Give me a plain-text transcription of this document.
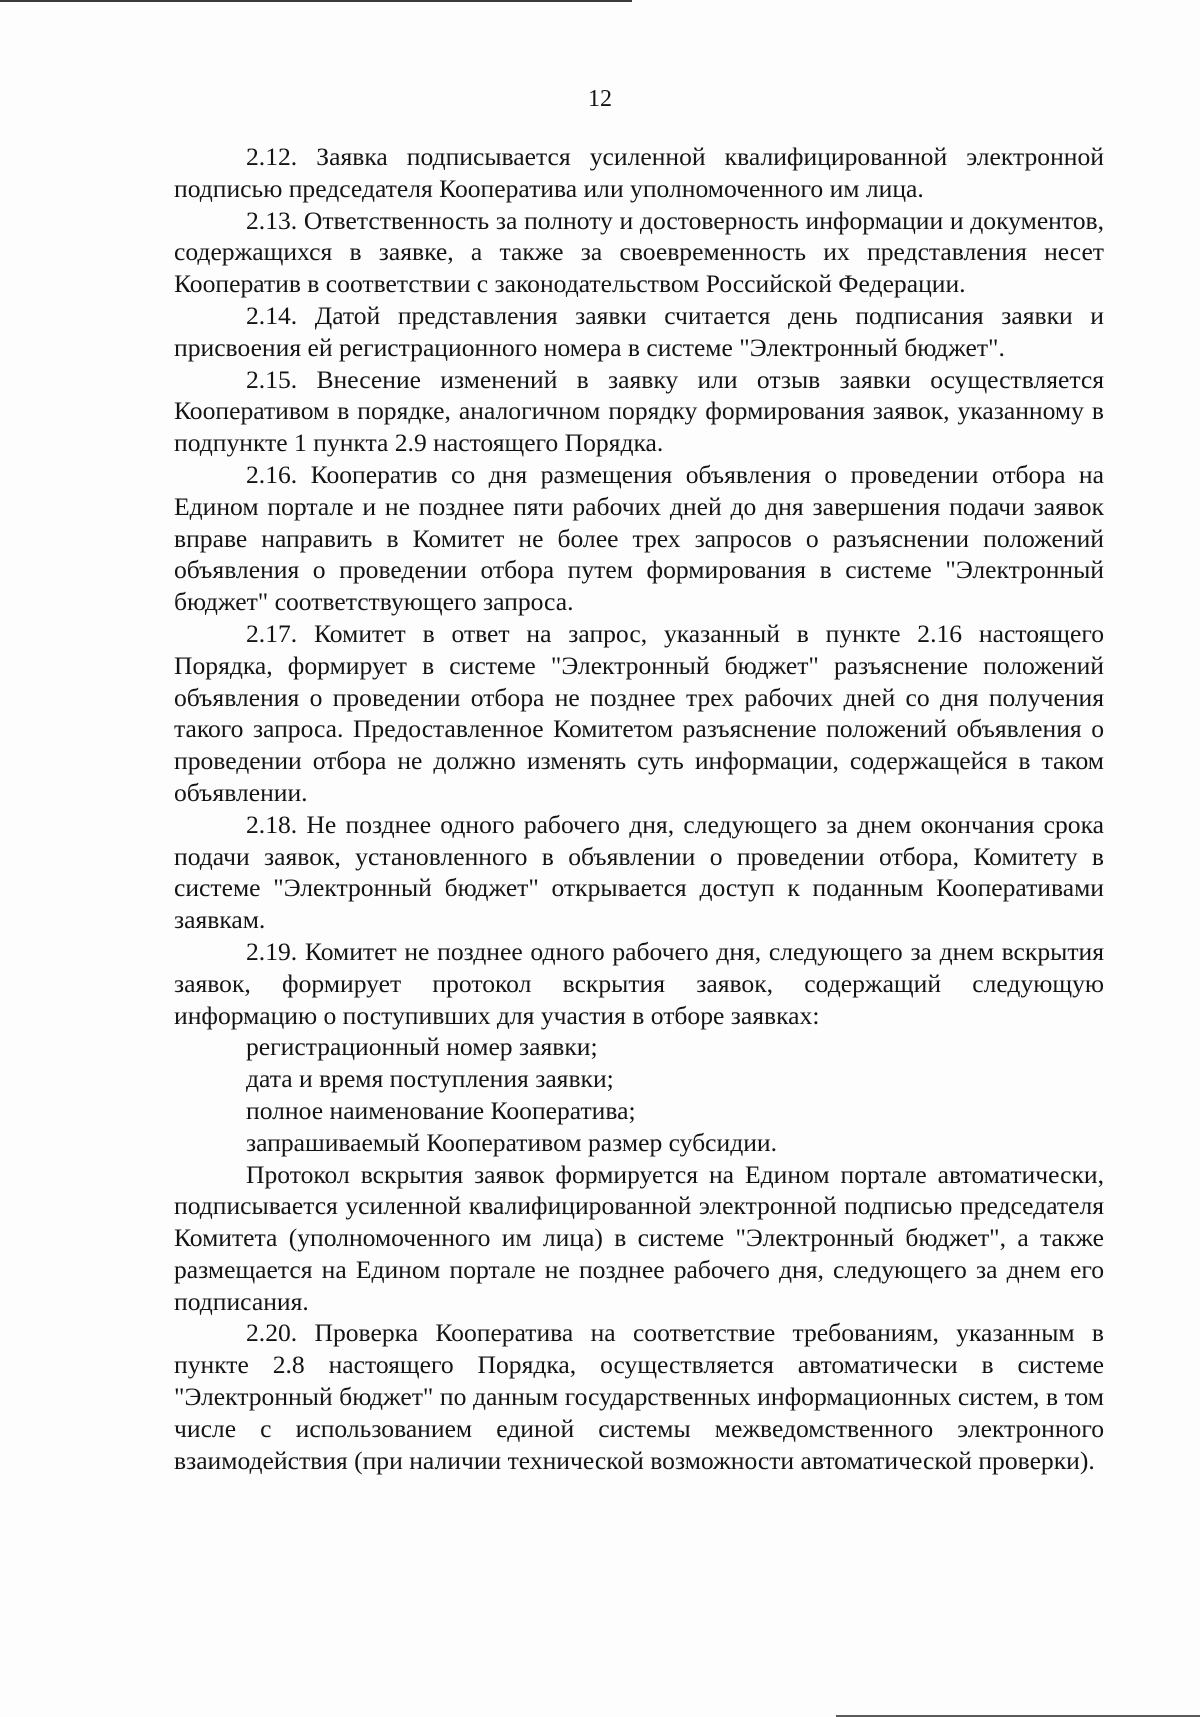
12

2.12. Заявка подписывается усиленной квалифицированной электронной подписью председателя Кооператива или уполномоченного им лица.

2.13. Ответственность за полноту и достоверность информации и документов, содержащихся в заявке, а также за своевременность их представления несет Кооператив в соответствии с законодательством Российской Федерации.

2.14. Датой представления заявки считается день подписания заявки и присвоения ей регистрационного номера в системе "Электронный бюджет".

2.15. Внесение изменений в заявку или отзыв заявки осуществляется Кооперативом в порядке, аналогичном порядку формирования заявок, указанному в подпункте 1 пункта 2.9 настоящего Порядка.

2.16. Кооператив со дня размещения объявления о проведении отбора на Едином портале и не позднее пяти рабочих дней до дня завершения подачи заявок вправе направить в Комитет не более трех запросов о разъяснении положений объявления о проведении отбора путем формирования в системе "Электронный бюджет" соответствующего запроса.

2.17. Комитет в ответ на запрос, указанный в пункте 2.16 настоящего Порядка, формирует в системе "Электронный бюджет" разъяснение положений объявления о проведении отбора не позднее трех рабочих дней со дня получения такого запроса. Предоставленное Комитетом разъяснение положений объявления о проведении отбора не должно изменять суть информации, содержащейся в таком объявлении.

2.18. Не позднее одного рабочего дня, следующего за днем окончания срока подачи заявок, установленного в объявлении о проведении отбора, Комитету в системе "Электронный бюджет" открывается доступ к поданным Кооперативами заявкам.

2.19. Комитет не позднее одного рабочего дня, следующего за днем вскрытия заявок, формирует протокол вскрытия заявок, содержащий следующую информацию о поступивших для участия в отборе заявках:

регистрационный номер заявки;

дата и время поступления заявки;

полное наименование Кооператива;

запрашиваемый Кооперативом размер субсидии.

Протокол вскрытия заявок формируется на Едином портале автоматически, подписывается усиленной квалифицированной электронной подписью председателя Комитета (уполномоченного им лица) в системе "Электронный бюджет", а также размещается на Едином портале не позднее рабочего дня, следующего за днем его подписания.

2.20. Проверка Кооператива на соответствие требованиям, указанным в пункте 2.8 настоящего Порядка, осуществляется автоматически в системе "Электронный бюджет" по данным государственных информационных систем, в том числе с использованием единой системы межведомственного электронного взаимодействия (при наличии технической возможности автоматической проверки).
